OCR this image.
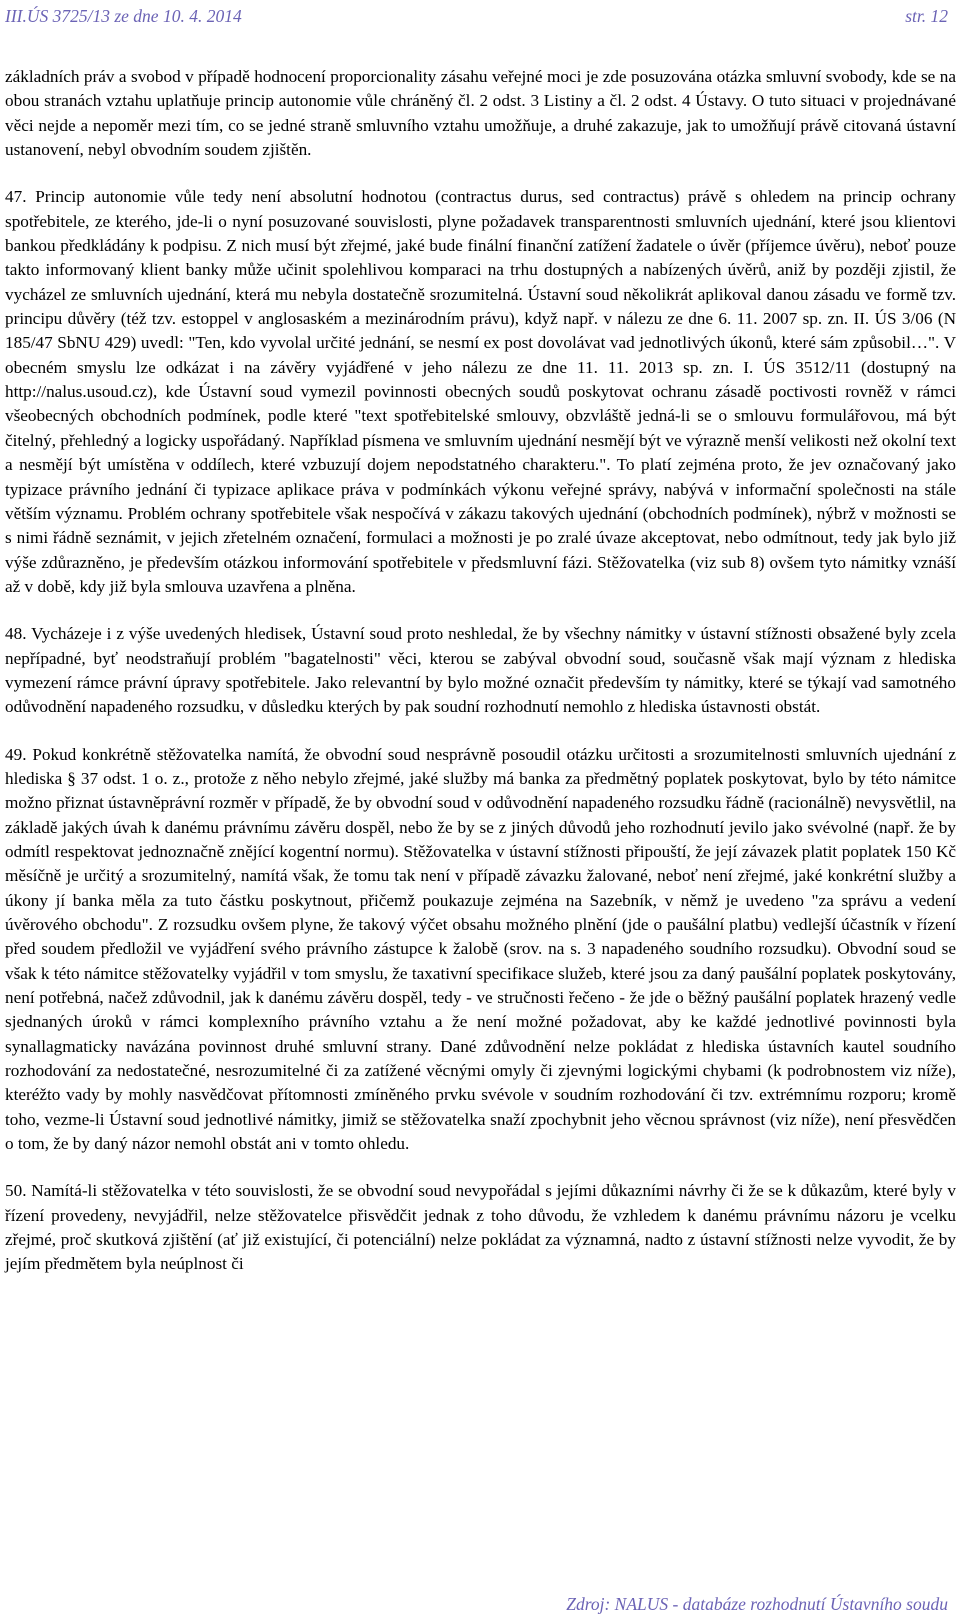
III.ÚS 3725/13 ze dne 10. 4. 2014	str. 12

základních práv a svobod v případě hodnocení proporcionality zásahu veřejné moci je zde posuzována otázka smluvní svobody, kde se na obou stranách vztahu uplatňuje princip autonomie vůle chráněný čl. 2 odst. 3 Listiny a čl. 2 odst. 4 Ústavy. O tuto situaci v projednávané věci nejde a nepoměr mezi tím, co se jedné straně smluvního vztahu umožňuje, a druhé zakazuje, jak to umožňují právě citovaná ústavní ustanovení, nebyl obvodním soudem zjištěn.

47. Princip autonomie vůle tedy není absolutní hodnotou (contractus durus, sed contractus) právě s ohledem na princip ochrany spotřebitele, ze kterého, jde-li o nyní posuzované souvislosti, plyne požadavek transparentnosti smluvních ujednání, které jsou klientovi bankou předkládány k podpisu. Z nich musí být zřejmé, jaké bude finální finanční zatížení žadatele o úvěr (příjemce úvěru), neboť pouze takto informovaný klient banky může učinit spolehlivou komparaci na trhu dostupných a nabízených úvěrů, aniž by později zjistil, že vycházel ze smluvních ujednání, která mu nebyla dostatečně srozumitelná. Ústavní soud několikrát aplikoval danou zásadu ve formě tzv. principu důvěry (též tzv. estoppel v anglosaském a mezinárodním právu), když např. v nálezu ze dne 6. 11. 2007 sp. zn. II. ÚS 3/06 (N 185/47 SbNU 429) uvedl: "Ten, kdo vyvolal určité jednání, se nesmí ex post dovolávat vad jednotlivých úkonů, které sám způsobil…". V obecném smyslu lze odkázat i na závěry vyjádřené v jeho nálezu ze dne 11. 11. 2013 sp. zn. I. ÚS 3512/11 (dostupný na http://nalus.usoud.cz), kde Ústavní soud vymezil povinnosti obecných soudů poskytovat ochranu zásadě poctivosti rovněž v rámci všeobecných obchodních podmínek, podle které "text spotřebitelské smlouvy, obzvláště jedná-li se o smlouvu formulářovou, má být čitelný, přehledný a logicky uspořádaný. Například písmena ve smluvním ujednání nesmějí být ve výrazně menší velikosti než okolní text a nesmějí být umístěna v oddílech, které vzbuzují dojem nepodstatného charakteru.". To platí zejména proto, že jev označovaný jako typizace právního jednání či typizace aplikace práva v podmínkách výkonu veřejné správy, nabývá v informační společnosti na stále větším významu. Problém ochrany spotřebitele však nespočívá v zákazu takových ujednání (obchodních podmínek), nýbrž v možnosti se s nimi řádně seznámit, v jejich zřetelném označení, formulaci a možnosti je po zralé úvaze akceptovat, nebo odmítnout, tedy jak bylo již výše zdůrazněno, je především otázkou informování spotřebitele v předsmluvní fázi. Stěžovatelka (viz sub 8) ovšem tyto námitky vznáší až v době, kdy již byla smlouva uzavřena a plněna.

48. Vycházeje i z výše uvedených hledisek, Ústavní soud proto neshledal, že by všechny námitky v ústavní stížnosti obsažené byly zcela nepřípadné, byť neodstraňují problém "bagatelnosti" věci, kterou se zabýval obvodní soud, současně však mají význam z hlediska vymezení rámce právní úpravy spotřebitele. Jako relevantní by bylo možné označit především ty námitky, které se týkají vad samotného odůvodnění napadeného rozsudku, v důsledku kterých by pak soudní rozhodnutí nemohlo z hlediska ústavnosti obstát.

49. Pokud konkrétně stěžovatelka namítá, že obvodní soud nesprávně posoudil otázku určitosti a srozumitelnosti smluvních ujednání z hlediska § 37 odst. 1 o. z., protože z něho nebylo zřejmé, jaké služby má banka za předmětný poplatek poskytovat, bylo by této námitce možno přiznat ústavněprávní rozměr v případě, že by obvodní soud v odůvodnění napadeného rozsudku řádně (racionálně) nevysvětlil, na základě jakých úvah k danému právnímu závěru dospěl, nebo že by se z jiných důvodů jeho rozhodnutí jevilo jako svévolné (např. že by odmítl respektovat jednoznačně znějící kogentní normu). Stěžovatelka v ústavní stížnosti připouští, že její závazek platit poplatek 150 Kč měsíčně je určitý a srozumitelný, namítá však, že tomu tak není v případě závazku žalované, neboť není zřejmé, jaké konkrétní služby a úkony jí banka měla za tuto částku poskytnout, přičemž poukazuje zejména na Sazebník, v němž je uvedeno "za správu a vedení úvěrového obchodu". Z rozsudku ovšem plyne, že takový výčet obsahu možného plnění (jde o paušální platbu) vedlejší účastník v řízení před soudem předložil ve vyjádření svého právního zástupce k žalobě (srov. na s. 3 napadeného soudního rozsudku). Obvodní soud se však k této námitce stěžovatelky vyjádřil v tom smyslu, že taxativní specifikace služeb, které jsou za daný paušální poplatek poskytovány, není potřebná, načež zdůvodnil, jak k danému závěru dospěl, tedy - ve stručnosti řečeno - že jde o běžný paušální poplatek hrazený vedle sjednaných úroků v rámci komplexního právního vztahu a že není možné požadovat, aby ke každé jednotlivé povinnosti byla synallagmaticky navázána povinnost druhé smluvní strany. Dané zdůvodnění nelze pokládat z hlediska ústavních kautel soudního rozhodování za nedostatečné, nesrozumitelné či za zatížené věcnými omyly či zjevnými logickými chybami (k podrobnostem viz níže), kteréžto vady by mohly nasvědčovat přítomnosti zmíněného prvku svévole v soudním rozhodování či tzv. extrémnímu rozporu; kromě toho, vezme-li Ústavní soud jednotlivé námitky, jimiž se stěžovatelka snaží zpochybnit jeho věcnou správnost (viz níže), není přesvědčen o tom, že by daný názor nemohl obstát ani v tomto ohledu.

50. Namítá-li stěžovatelka v této souvislosti, že se obvodní soud nevypořádal s jejími důkazními návrhy či že se k důkazům, které byly v řízení provedeny, nevyjádřil, nelze stěžovatelce přisvědčit jednak z toho důvodu, že vzhledem k danému právnímu názoru je vcelku zřejmé, proč skutková zjištění (ať již existující, či potenciální) nelze pokládat za významná, nadto z ústavní stížnosti nelze vyvodit, že by jejím předmětem byla neúplnost či

Zdroj: NALUS - databáze rozhodnutí Ústavního soudu
